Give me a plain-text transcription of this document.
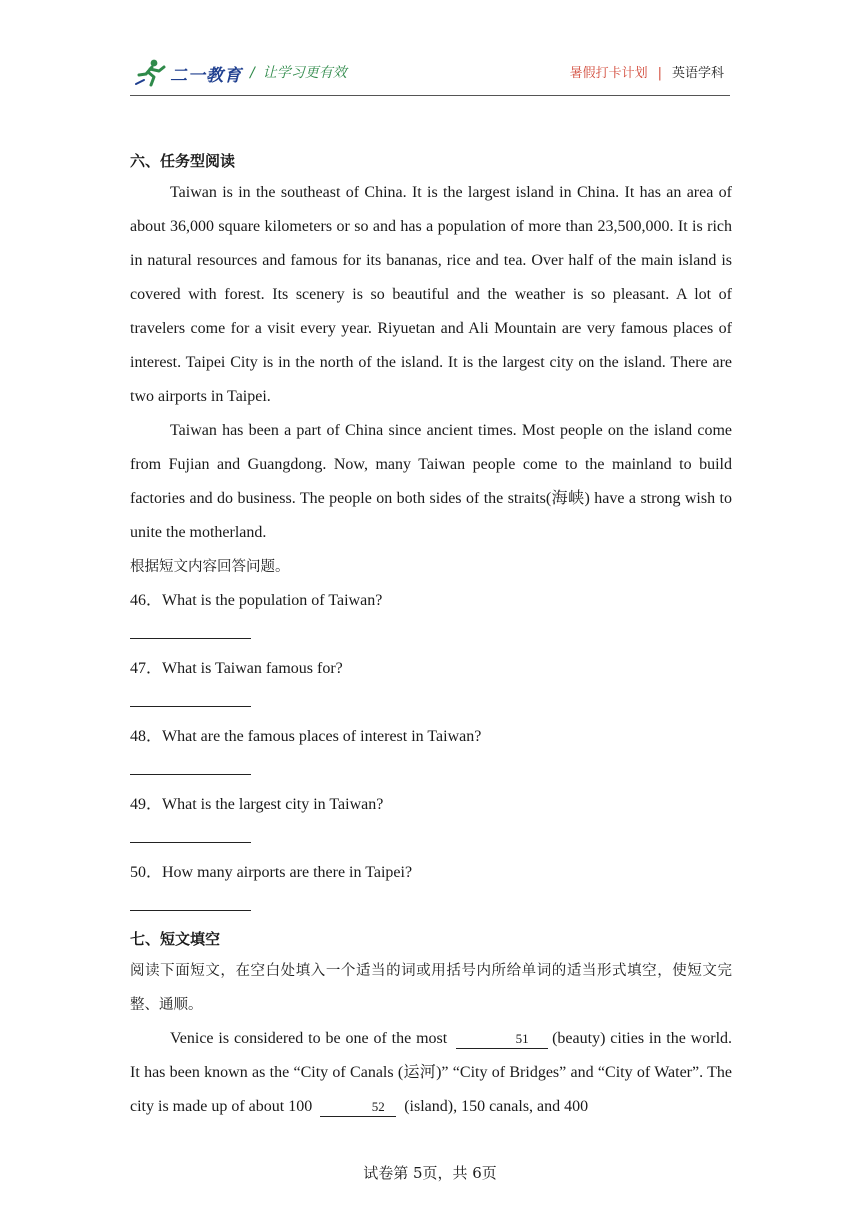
二一教育 / 让学习更有效	暑假打卡计划 | 英语学科
六、任务型阅读

Taiwan is in the southeast of China. It is the largest island in China. It has an area of about 36,000 square kilometers or so and has a population of more than 23,500,000. It is rich in natural resources and famous for its bananas, rice and tea. Over half of the main island is covered with forest. Its scenery is so beautiful and the weather is so pleasant. A lot of travelers come for a visit every year. Riyuetan and Ali Mountain are very famous places of interest. Taipei City is in the north of the island. It is the largest city on the island. There are two airports in Taipei.

Taiwan has been a part of China since ancient times. Most people on the island come from Fujian and Guangdong. Now, many Taiwan people come to the mainland to build factories and do business. The people on both sides of the straits(海峡) have a strong wish to unite the motherland.

根据短文内容回答问题。

46．What is the population of Taiwan?

47．What is Taiwan famous for?

48．What are the famous places of interest in Taiwan?

49．What is the largest city in Taiwan?

50．How many airports are there in Taipei?

七、短文填空

阅读下面短文，在空白处填入一个适当的词或用括号内所给单词的适当形式填空，使短文完整、通顺。

Venice is considered to be one of the most	51 (beauty) cities in the world. It has been known as the “City of Canals (运河)” “City of Bridges” and “City of Water”. The city is made up of about 100	52 (island), 150 canals, and 400

试卷第 5页，共 6页
